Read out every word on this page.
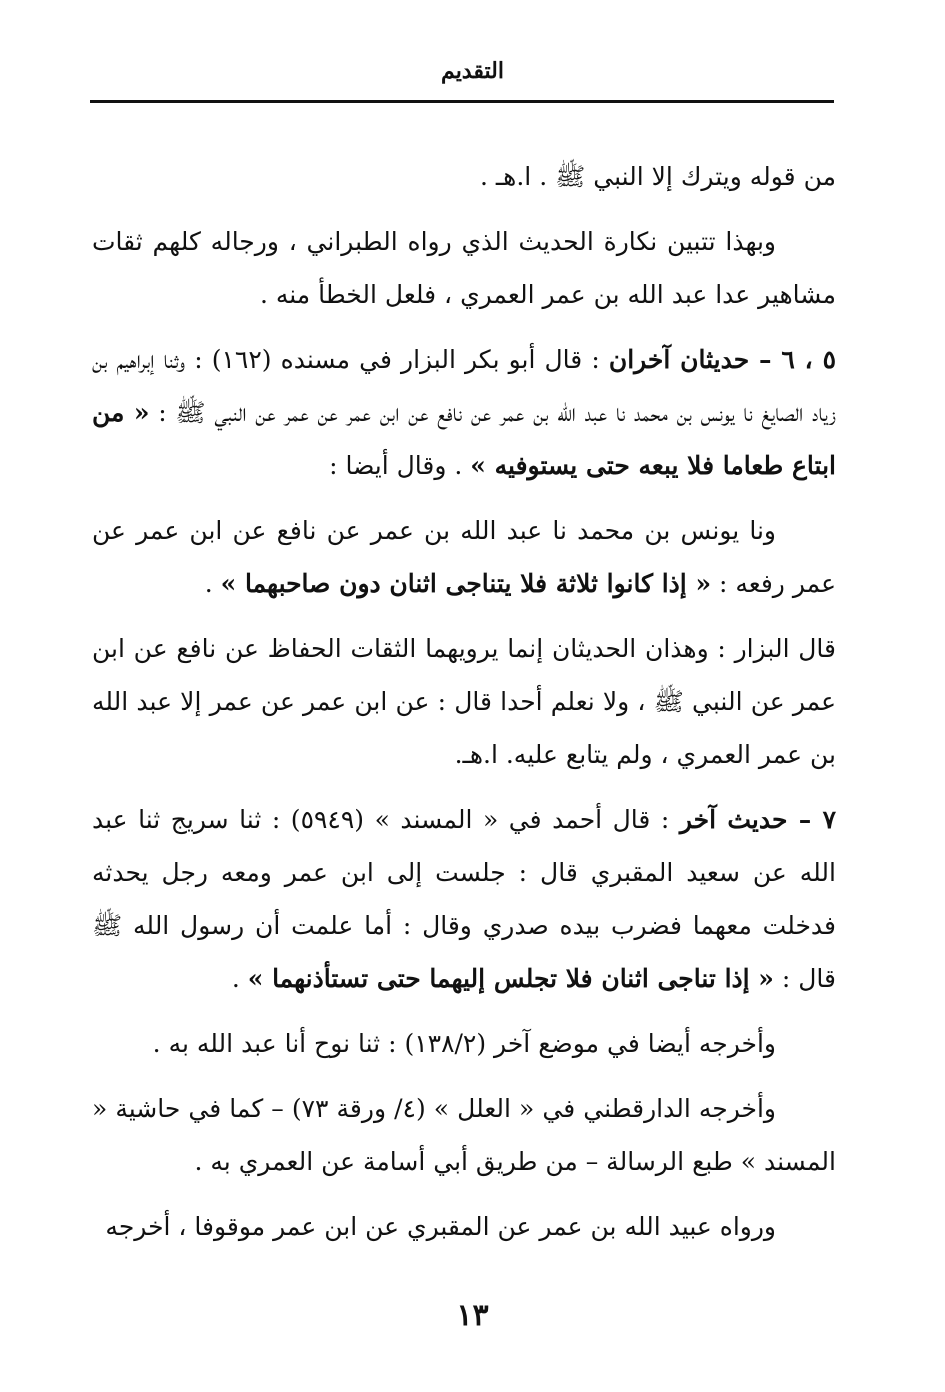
التقديم

من قوله ويترك إلا النبي ﷺ . ا.هـ .

وبهذا تتبين نكارة الحديث الذي رواه الطبراني ، ورجاله كلهم ثقات مشاهير عدا عبد الله بن عمر العمري ، فلعل الخطأ منه .

٥ ، ٦ – حديثان آخران : قال أبو بكر البزار في مسنده (١٦٢) : وثنا إبراهيم بن زياد الصايغ نا يونس بن محمد نا عبد الله بن عمر عن نافع عن ابن عمر عن عمر عن النبي ﷺ : « من ابتاع طعاما فلا يبعه حتى يستوفيه » . وقال أيضا :

ونا يونس بن محمد نا عبد الله بن عمر عن نافع عن ابن عمر عن عمر رفعه : « إذا كانوا ثلاثة فلا يتناجى اثنان دون صاحبهما » .

قال البزار : وهذان الحديثان إنما يرويهما الثقات الحفاظ عن نافع عن ابن عمر عن النبي ﷺ ، ولا نعلم أحدا قال : عن ابن عمر عن عمر إلا عبد الله بن عمر العمري ، ولم يتابع عليه. ا.هـ.

٧ – حديث آخر : قال أحمد في « المسند » (٥٩٤٩) : ثنا سريج ثنا عبد الله عن سعيد المقبري قال : جلست إلى ابن عمر ومعه رجل يحدثه فدخلت معهما فضرب بيده صدري وقال : أما علمت أن رسول الله ﷺ قال : « إذا تناجى اثنان فلا تجلس إليهما حتى تستأذنهما » .

وأخرجه أيضا في موضع آخر (١٣٨/٢) : ثنا نوح أنا عبد الله به .

وأخرجه الدارقطني في « العلل » (٤/ ورقة ٧٣) – كما في حاشية « المسند » طبع الرسالة – من طريق أبي أسامة عن العمري به .

ورواه عبيد الله بن عمر عن المقبري عن ابن عمر موقوفا ، أخرجه

١٣
